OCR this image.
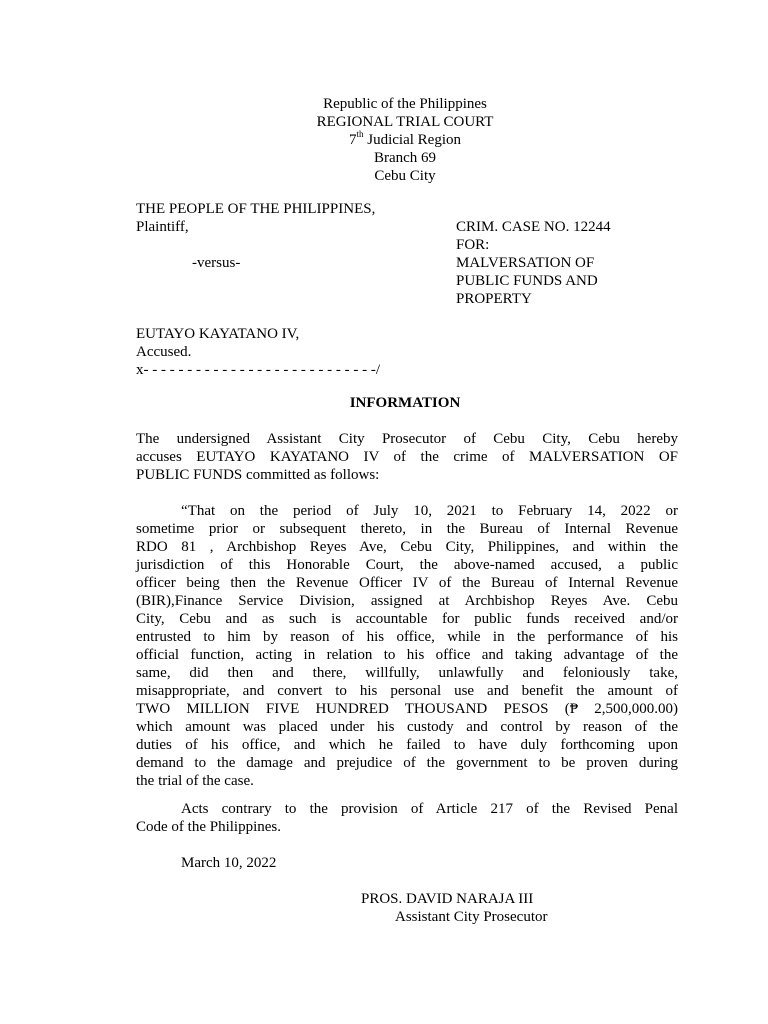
Republic of the Philippines
REGIONAL TRIAL COURT
7th Judicial Region
Branch 69
Cebu City
THE PEOPLE OF THE PHILIPPINES,
Plaintiff,
-versus-
EUTAYO KAYATANO IV,
Accused.
x- - - - - - - - - - - - - - - - - - - - - - - - - - -/
CRIM. CASE NO. 12244
FOR:
MALVERSATION OF
PUBLIC FUNDS AND
PROPERTY
INFORMATION
The undersigned Assistant City Prosecutor of Cebu City, Cebu hereby
accuses EUTAYO KAYATANO IV of the crime of MALVERSATION OF
PUBLIC FUNDS committed as follows:
“That on the period of July 10, 2021 to February 14, 2022 or
sometime prior or subsequent thereto, in the Bureau of Internal Revenue
RDO 81 , Archbishop Reyes Ave, Cebu City, Philippines, and within the
jurisdiction of this Honorable Court, the above-named accused, a public
officer being then the Revenue Officer IV of the Bureau of Internal Revenue
(BIR),Finance Service Division, assigned at Archbishop Reyes Ave. Cebu
City, Cebu and as such is accountable for public funds received and/or
entrusted to him by reason of his office, while in the performance of his
official function, acting in relation to his office and taking advantage of the
same, did then and there, willfully, unlawfully and feloniously take,
misappropriate, and convert to his personal use and benefit the amount of
TWO MILLION FIVE HUNDRED THOUSAND PESOS (₱ 2,500,000.00)
which amount was placed under his custody and control by reason of the
duties of his office, and which he failed to have duly forthcoming upon
demand to the damage and prejudice of the government to be proven during
the trial of the case.
Acts contrary to the provision of Article 217 of the Revised Penal
Code of the Philippines.
March 10, 2022
PROS. DAVID NARAJA III
Assistant City Prosecutor
